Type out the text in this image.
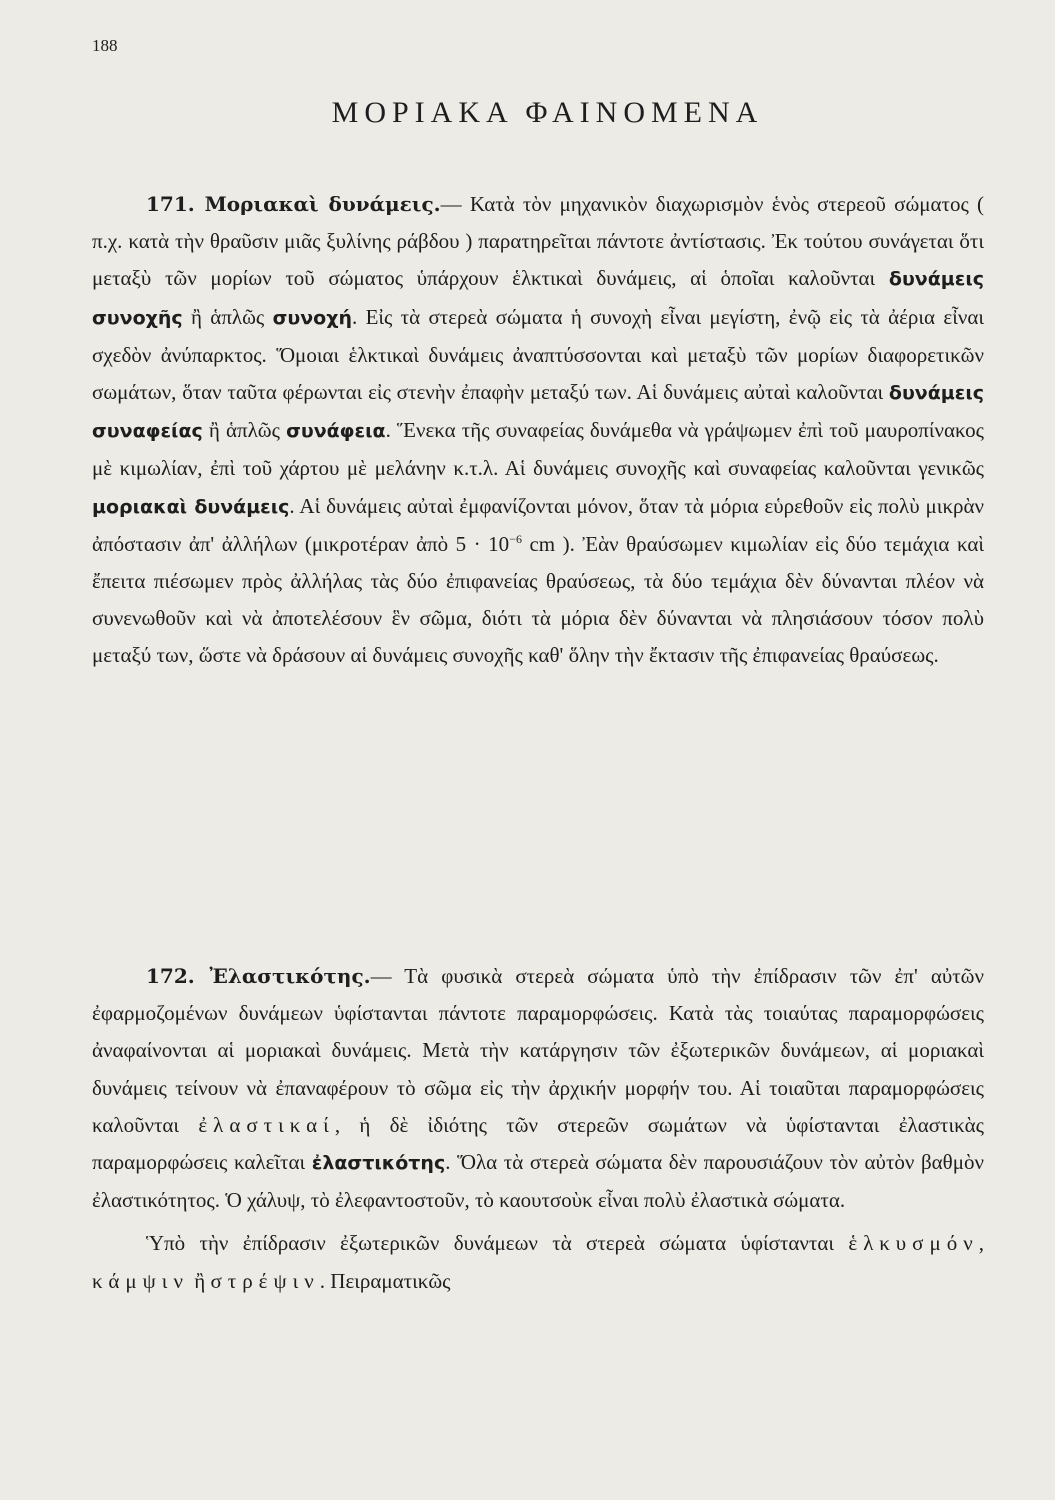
188
ΜΟΡΙΑΚΑ ΦΑΙΝΟΜΕΝΑ

171. Μοριακαὶ δυνάμεις.— Κατὰ τὸν μηχανικὸν διαχωρισμὸν ἑνὸς στερεοῦ σώματος ( π.χ. κατὰ τὴν θραῦσιν μιᾶς ξυλίνης ράβδου ) παρατηρεῖται πάντοτε ἀντίστασις. Ἐκ τούτου συνάγεται ὅτι μεταξὺ τῶν μορίων τοῦ σώματος ὑπάρχουν ἑλκτικαὶ δυνάμεις, αἱ ὁποῖαι καλοῦνται δυνάμεις συνοχῆς ἢ ἁπλῶς συνοχή. Εἰς τὰ στερεὰ σώματα ἡ συνοχὴ εἶναι μεγίστη, ἐνῷ εἰς τὰ ἀέρια εἶναι σχεδὸν ἀνύπαρκτος. Ὅμοιαι ἑλκτικαὶ δυνάμεις ἀναπτύσσονται καὶ μεταξὺ τῶν μορίων διαφορετικῶν σωμάτων, ὅταν ταῦτα φέρωνται εἰς στενὴν ἐπαφὴν μεταξύ των. Αἱ δυνάμεις αὐταὶ καλοῦνται δυνάμεις συναφείας ἢ ἁπλῶς συνάφεια. Ἕνεκα τῆς συναφείας δυνάμεθα νὰ γράψωμεν ἐπὶ τοῦ μαυροπίνακος μὲ κιμωλίαν, ἐπὶ τοῦ χάρτου μὲ μελάνην κ.τ.λ. Αἱ δυνάμεις συνοχῆς καὶ συναφείας καλοῦνται γενικῶς μοριακαὶ δυνάμεις. Αἱ δυνάμεις αὐταὶ ἐμφανίζονται μόνον, ὅταν τὰ μόρια εὑρεθοῦν εἰς πολὺ μικρὰν ἀπόστασιν ἀπ' ἀλλήλων (μικροτέραν ἀπὸ $5 \cdot 10^{-6}$ cm ). Ἐὰν θραύσωμεν κιμωλίαν εἰς δύο τεμάχια καὶ ἔπειτα πιέσωμεν πρὸς ἀλλήλας τὰς δύο ἐπιφανείας θραύσεως, τὰ δύο τεμάχια δὲν δύνανται πλέον νὰ συνενωθοῦν καὶ νὰ ἀποτελέσουν ἓν σῶμα, διότι τὰ μόρια δὲν δύνανται νὰ πλησιάσουν τόσον πολὺ μεταξύ των, ὥστε νὰ δράσουν αἱ δυνάμεις συνοχῆς καθ' ὅλην τὴν ἔκτασιν τῆς ἐπιφανείας θραύσεως.

172. Ἐλαστικότης.— Τὰ φυσικὰ στερεὰ σώματα ὑπὸ τὴν ἐπίδρασιν τῶν ἐπ' αὐτῶν ἐφαρμοζομένων δυνάμεων ὑφίστανται πάντοτε παραμορφώσεις. Κατὰ τὰς τοιαύτας παραμορφώσεις ἀναφαίνονται αἱ μοριακαὶ δυνάμεις. Μετὰ τὴν κατάργησιν τῶν ἐξωτερικῶν δυνάμεων, αἱ μοριακαὶ δυνάμεις τείνουν νὰ ἐπαναφέρουν τὸ σῶμα εἰς τὴν ἀρχικήν μορφήν του. Αἱ τοιαῦται παραμορφώσεις καλοῦνται ἐλαστικαί, ἡ δὲ ἰδιότης τῶν στερεῶν σωμάτων νὰ ὑφίστανται ἐλαστικὰς παραμορφώσεις καλεῖται ἐλαστικότης. Ὅλα τὰ στερεὰ σώματα δὲν παρουσιάζουν τὸν αὐτὸν βαθμὸν ἐλαστικότητος. Ὁ χάλυψ, τὸ ἐλεφαντοστοῦν, τὸ καουτσοὺκ εἶναι πολὺ ἐλαστικὰ σώματα.

Ὑπὸ τὴν ἐπίδρασιν ἐξωτερικῶν δυνάμεων τὰ στερεὰ σώματα ὑφίστανται ἑλκυσμόν, κάμψιν ἢ στρέψιν. Πειραματικῶς
